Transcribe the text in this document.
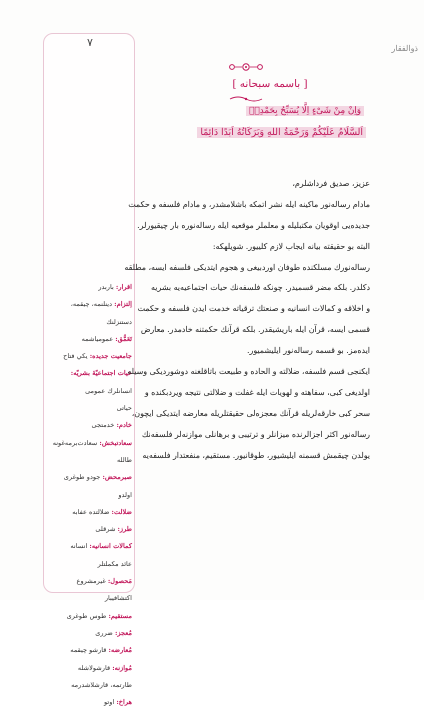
۷
اقرار: باربدر
اِلتزام: دينلنمه، چيقمه،
دستنزلنك
تَعَمُّق: عمومياشمه
جامعيت جديده: يكي فتاح
حيات اجتماعيّۀ بشريّه:
انسانلرك عمومی
حياتی
خادم: خدمتجی
سعادتبخش: سعادت‌برمه‌غونه
طالله
صبرمحض: جودو طوغری
اولدو
ضلالت: ضلالتده عفابه
طرز: شرقلی
كمالات انسانيه: انسانه
عائد مكملتلر
مَحصول: غيرمشروع
اكتشافيبار
مستقيم: طوس طوغری
مُعجز: ضرری
مُعارضه: قارشو چيقمه
مُوازنه: قارشولاشله
طارتمه، قارشلاشدرمه
هراخ: اوتو
ذوالفقار
[ باسمه سبحانه ]
وَاِنْ مِنْ شَىْءٍ اِلَّا يُسَبِّحُ بِحَمْدِه۪
اَلسَّلَامُ عَلَيْكُمْ وَرَحْمَةُ اللهِ وَبَرَكَاتُهُ اَبَدًا دَائِمًا
عزيز، صديق فرداشلرم،
مادام رساله‌نور ماكينه ايله نشر اتمكه باشلامشدر، و مادام فلسفه و حكمت
جديده‌يی اوقويان مكتبليله و معلملر موقعيه ايله رساله‌نوره بار چيقيورلر.
البته بو حقيقته بيانه ايجاب لازم كلييور. شويلهكه:
رساله‌نورك مسلكنده طوفان اوردبيغی و هجوم ايتديكی فلسفه ايسه، مطلقه
دكلدر. بلكه مضر قسمیدر. چونكه فلسفه‌نك حيات اجتماعيه‌يه بشريه
و اخلاقه و كمالات انسانيه و صنعتك ترقياته خدمت ايدن فلسفه و حكمت
قسمی ايسه، قرآن ايله باريشيقدر. بلكه قرآنك حكمتنه خادمدر. معارض
ايده‌مز. بو قسمه رساله‌نور ايليشمیور.
ايكنجی قسم فلسفه، ضلالته و الحاده و طبيعت باتاقلغنه دوشورديكی وسيله
اولديغی كبی، سفاهته و لهويات ايله غفلت و ضلالتی نتيجه ويردبكنده و
سحر كبی خارقه‌لريله قرآنك معجزه‌لی حقيقتلريله معارضه ايتديكی ايچون،
رساله‌نور اكثر اجزالرنده ميزانلر و ترتيبی و برهانلی موازنه‌لر فلسفه‌نك
يولدن چيقمش قسمنه ايليشيور، طوقانيور. مستقيم، منفعتدار فلسفه‌يه
